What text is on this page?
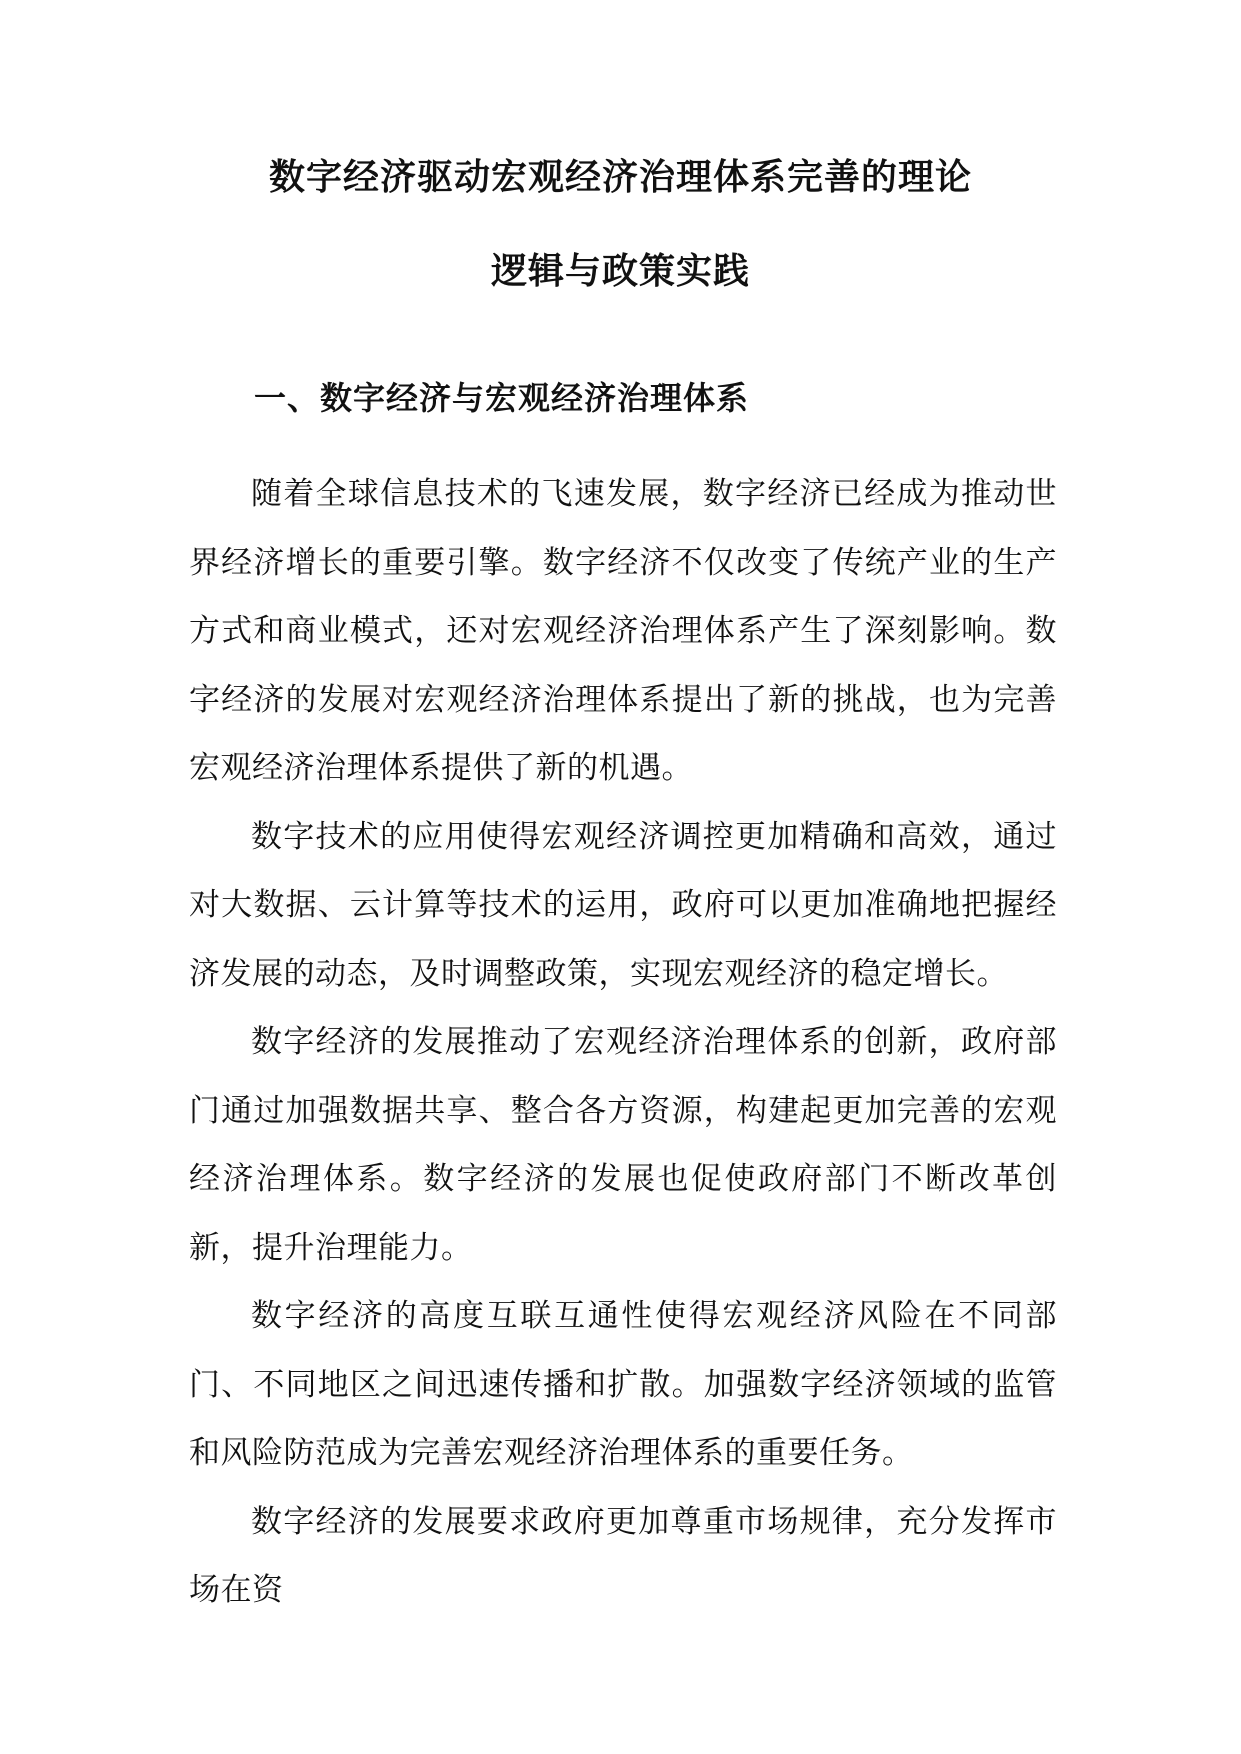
数字经济驱动宏观经济治理体系完善的理论
逻辑与政策实践
一、数字经济与宏观经济治理体系

随着全球信息技术的飞速发展，数字经济已经成为推动世界经济增长的重要引擎。数字经济不仅改变了传统产业的生产方式和商业模式，还对宏观经济治理体系产生了深刻影响。数字经济的发展对宏观经济治理体系提出了新的挑战，也为完善宏观经济治理体系提供了新的机遇。

数字技术的应用使得宏观经济调控更加精确和高效，通过对大数据、云计算等技术的运用，政府可以更加准确地把握经济发展的动态，及时调整政策，实现宏观经济的稳定增长。

数字经济的发展推动了宏观经济治理体系的创新，政府部门通过加强数据共享、整合各方资源，构建起更加完善的宏观经济治理体系。数字经济的发展也促使政府部门不断改革创新，提升治理能力。

数字经济的高度互联互通性使得宏观经济风险在不同部门、不同地区之间迅速传播和扩散。加强数字经济领域的监管和风险防范成为完善宏观经济治理体系的重要任务。

数字经济的发展要求政府更加尊重市场规律，充分发挥市场在资
